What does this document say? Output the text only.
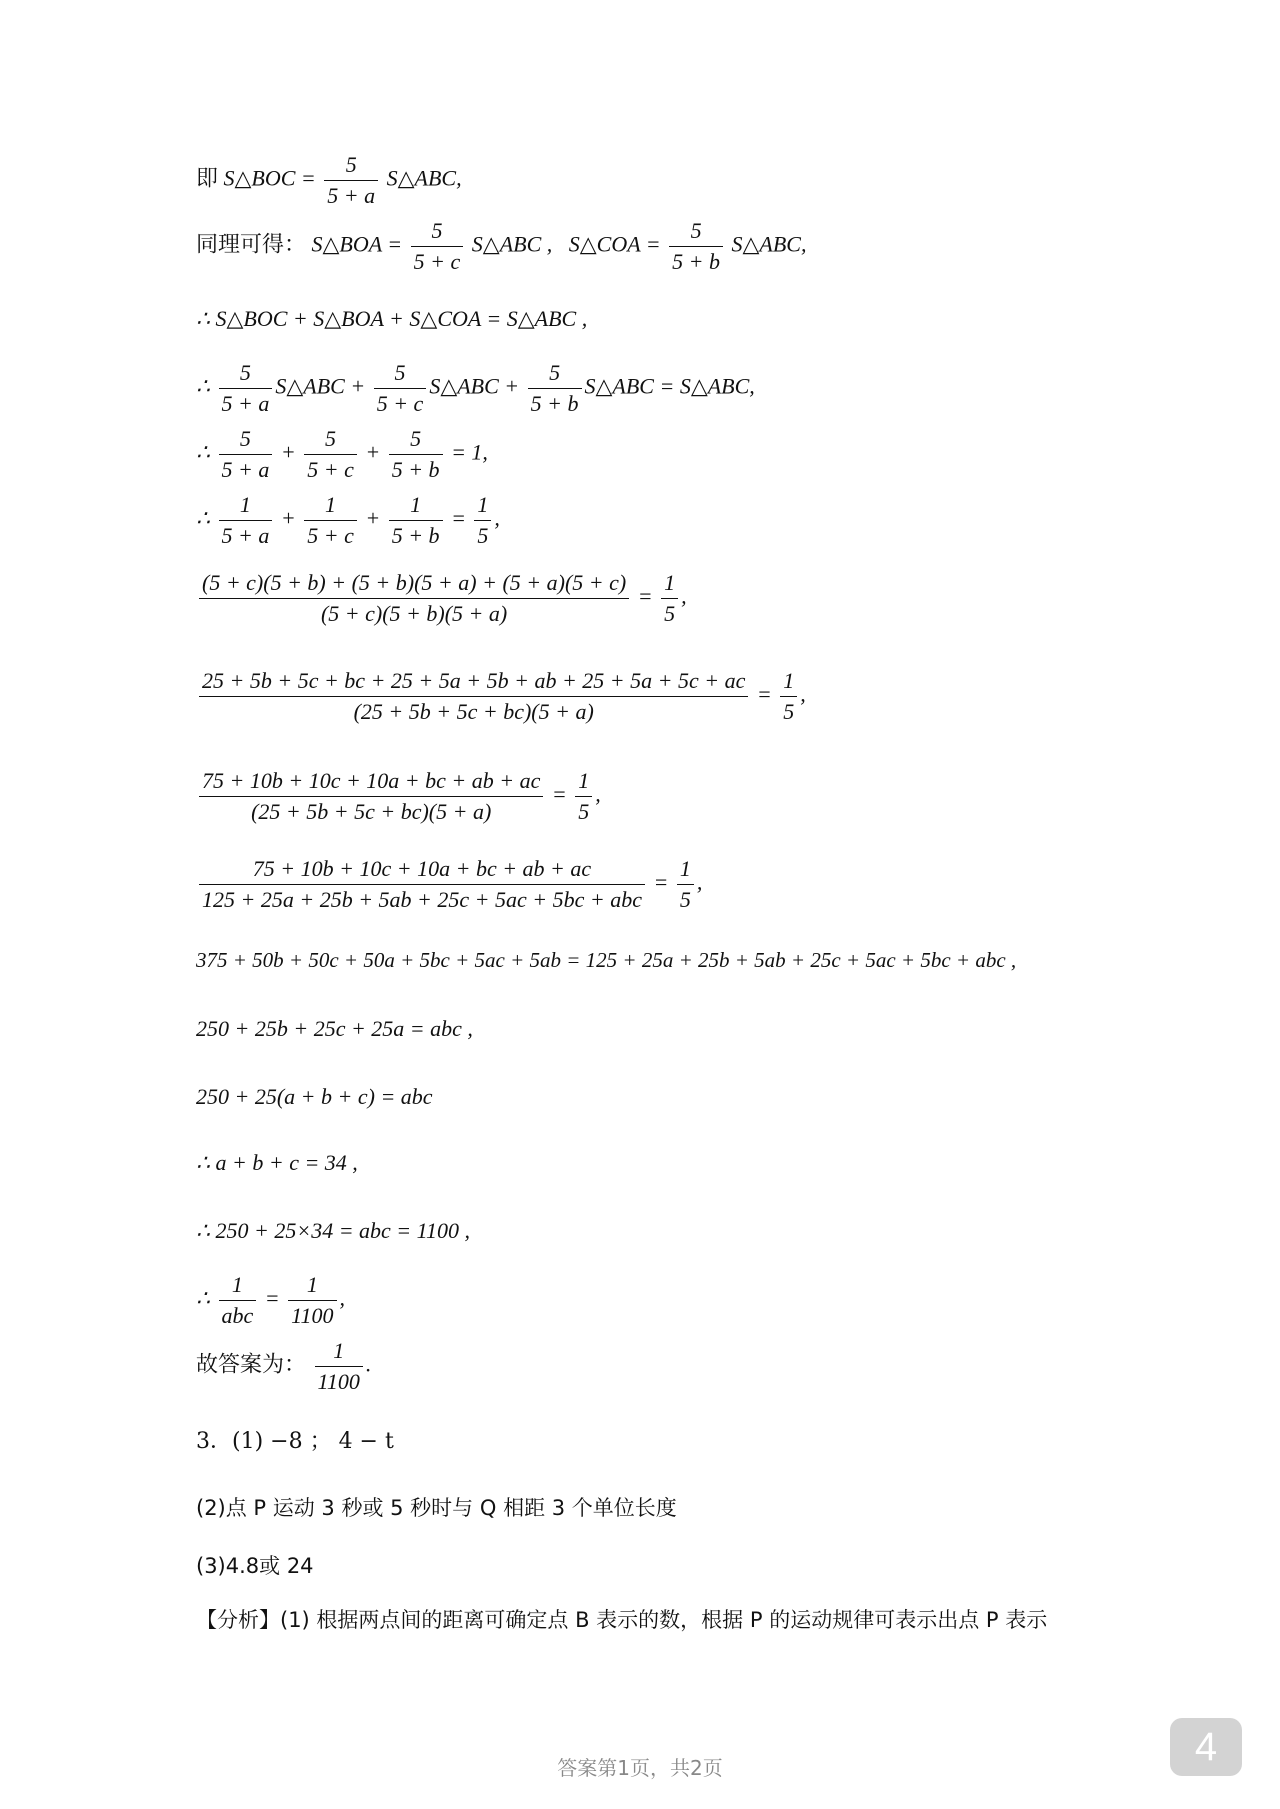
即 S△BOC = $\frac{5}{5 + a}$ S△ABC,
同理可得： S△BOA = $\frac{5}{5 + c}$ S△ABC ,   S△COA = $\frac{5}{5 + b}$ S△ABC,
∴ S△BOC + S△BOA + S△COA = S△ABC ,
∴ $\frac{5}{5 + a}$ S△ABC + $\frac{5}{5 + c}$ S△ABC + $\frac{5}{5 + b}$ S△ABC = S△ABC,
∴ $\frac{5}{5 + a} + \frac{5}{5 + c} + \frac{5}{5 + b} = 1$,
∴ $\frac{1}{5 + a} + \frac{1}{5 + c} + \frac{1}{5 + b} = \frac{1}{5}$ ,
$\frac{(5 + c)(5 + b) + (5 + b)(5 + a) + (5 + a)(5 + c)}{(5 + c)(5 + b)(5 + a)} = \frac{1}{5}$ ,
$\frac{25 + 5b + 5c + bc + 25 + 5a + 5b + ab + 25 + 5a + 5c + ac}{(25 + 5b + 5c + bc)(5 + a)} = \frac{1}{5}$ ,
$\frac{75 + 10b + 10c + 10a + bc + ab + ac}{(25 + 5b + 5c + bc)(5 + a)} = \frac{1}{5}$ ,
$\frac{75 + 10b + 10c + 10a + bc + ab + ac}{\text{125 + 25a + 25b + 5ab + 25c + 5ac + 5bc + abc}} = \frac{1}{5}$ ,
375 + 50b + 50c + 50a + 5bc + 5ac + 5ab = 125 + 25a + 25b + 5ab + 25c + 5ac + 5bc + abc ,
250 + 25b + 25c + 25a = abc ,
250 + 25(a + b + c) = abc
∴ a + b + c = 34 ,
∴ 250 + 25×34 = abc = 1100 ,
∴ $\frac{1}{\text{abc}} = \frac{1}{1100}$ ,
故答案为： $\frac{1}{1100}$ .
3．(1) −8 ； 4 − t
(2)点 P 运动 3 秒或 5 秒时与 Q 相距 3 个单位长度
(3)4.8或 24
【分析】(1) 根据两点间的距离可确定点 B 表示的数，根据 P 的运动规律可表示出点 P 表示
答案第1页，共2页	4
